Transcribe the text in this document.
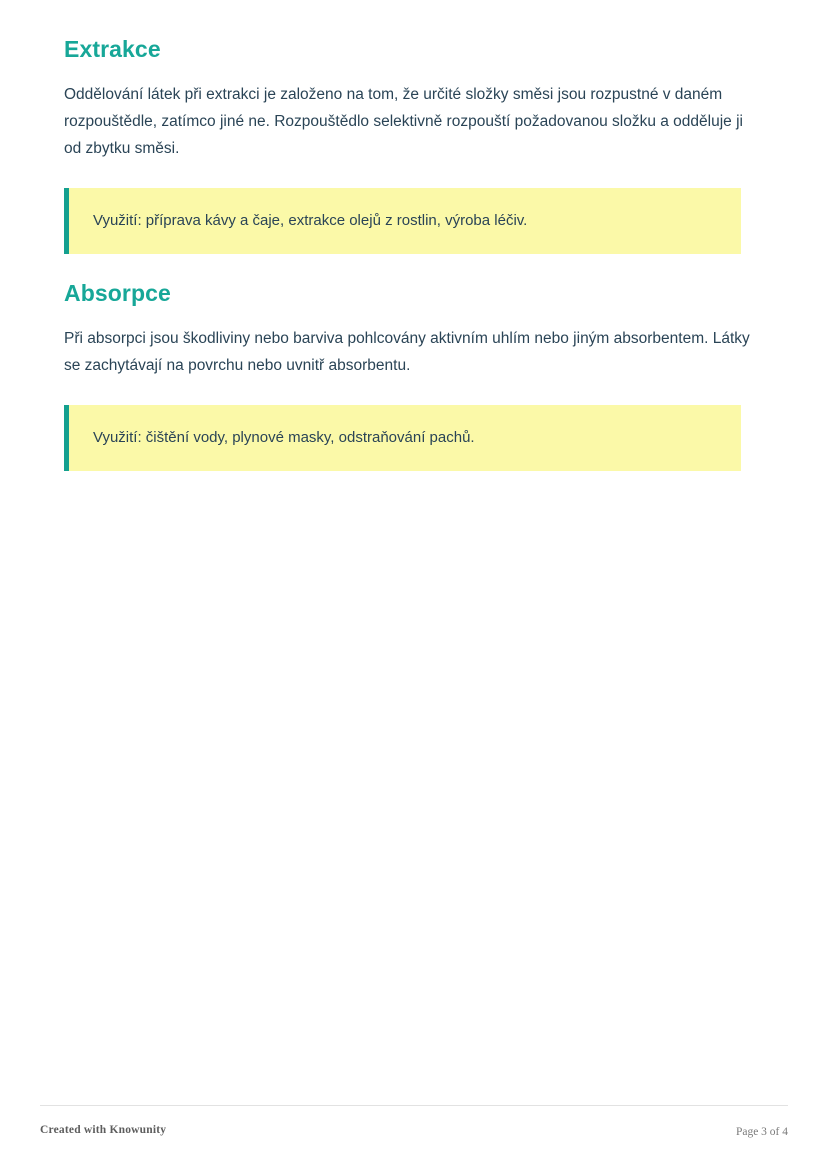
Extrakce

Oddělování látek při extrakci je založeno na tom, že určité složky směsi jsou rozpustné v daném rozpouštědle, zatímco jiné ne. Rozpouštědlo selektivně rozpouští požadovanou složku a odděluje ji od zbytku směsi.

Využití: příprava kávy a čaje, extrakce olejů z rostlin, výroba léčiv.

Absorpce

Při absorpci jsou škodliviny nebo barviva pohlcovány aktivním uhlím nebo jiným absorbentem. Látky se zachytávají na povrchu nebo uvnitř absorbentu.

Využití: čištění vody, plynové masky, odstraňování pachů.

Created with Knowunity	Page 3 of 4
